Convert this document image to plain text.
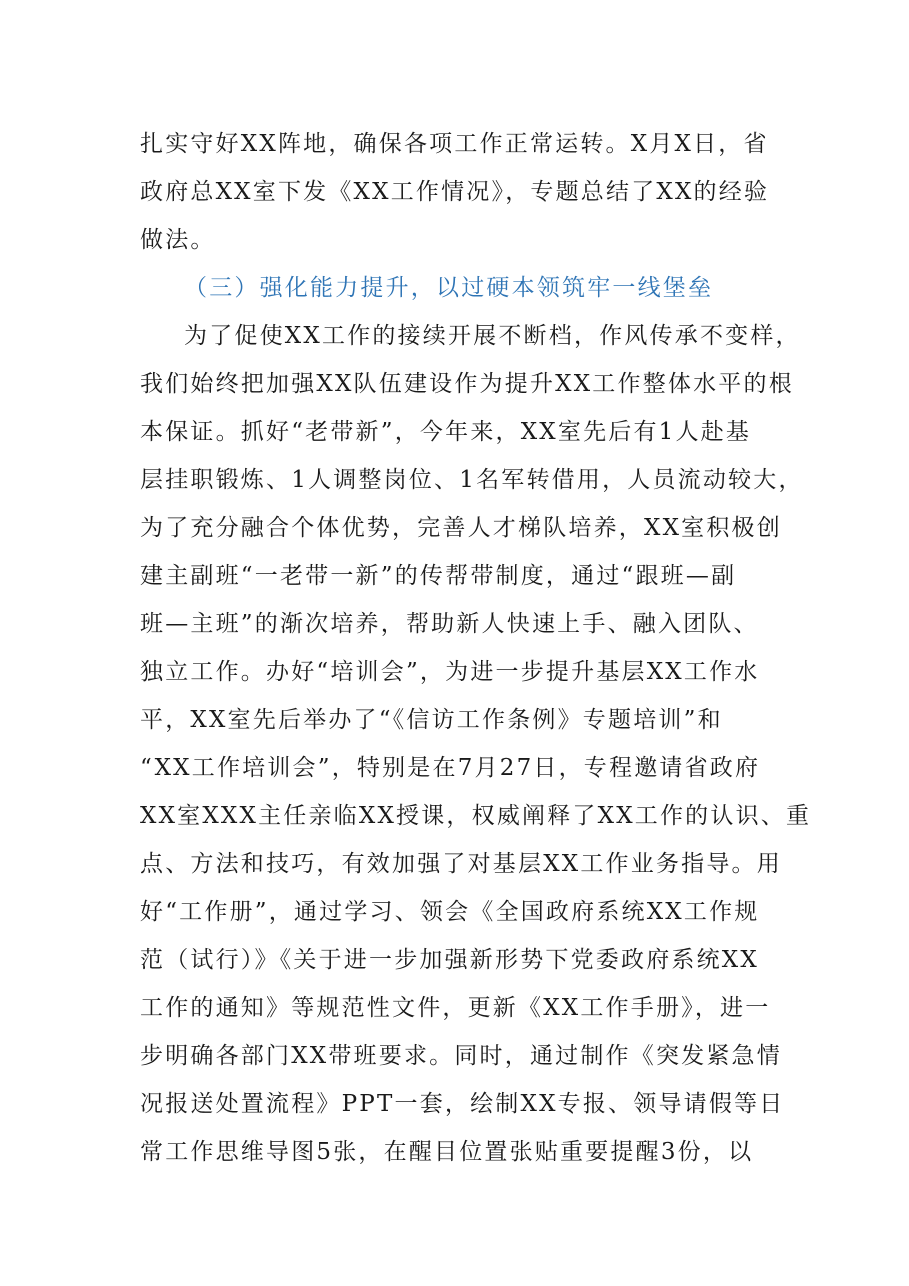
扎实守好XX阵地，确保各项工作正常运转。X月X日，省
政府总XX室下发《XX工作情况》，专题总结了XX的经验
做法。
（三）强化能力提升，以过硬本领筑牢一线堡垒
为了促使XX工作的接续开展不断档，作风传承不变样，
我们始终把加强XX队伍建设作为提升XX工作整体水平的根
本保证。抓好“老带新”，今年来，XX室先后有1人赴基
层挂职锻炼、1人调整岗位、1名军转借用，人员流动较大，
为了充分融合个体优势，完善人才梯队培养，XX室积极创
建主副班“一老带一新”的传帮带制度，通过“跟班—副
班—主班”的渐次培养，帮助新人快速上手、融入团队、
独立工作。办好“培训会”，为进一步提升基层XX工作水
平，XX室先后举办了“《信访工作条例》专题培训”和
“XX工作培训会”，特别是在7月27日，专程邀请省政府
XX室XXX主任亲临XX授课，权威阐释了XX工作的认识、重
点、方法和技巧，有效加强了对基层XX工作业务指导。用
好“工作册”，通过学习、领会《全国政府系统XX工作规
范（试行）》《关于进一步加强新形势下党委政府系统XX
工作的通知》等规范性文件，更新《XX工作手册》，进一
步明确各部门XX带班要求。同时，通过制作《突发紧急情
况报送处置流程》PPT一套，绘制XX专报、领导请假等日
常工作思维导图5张，在醒目位置张贴重要提醒3份，以
